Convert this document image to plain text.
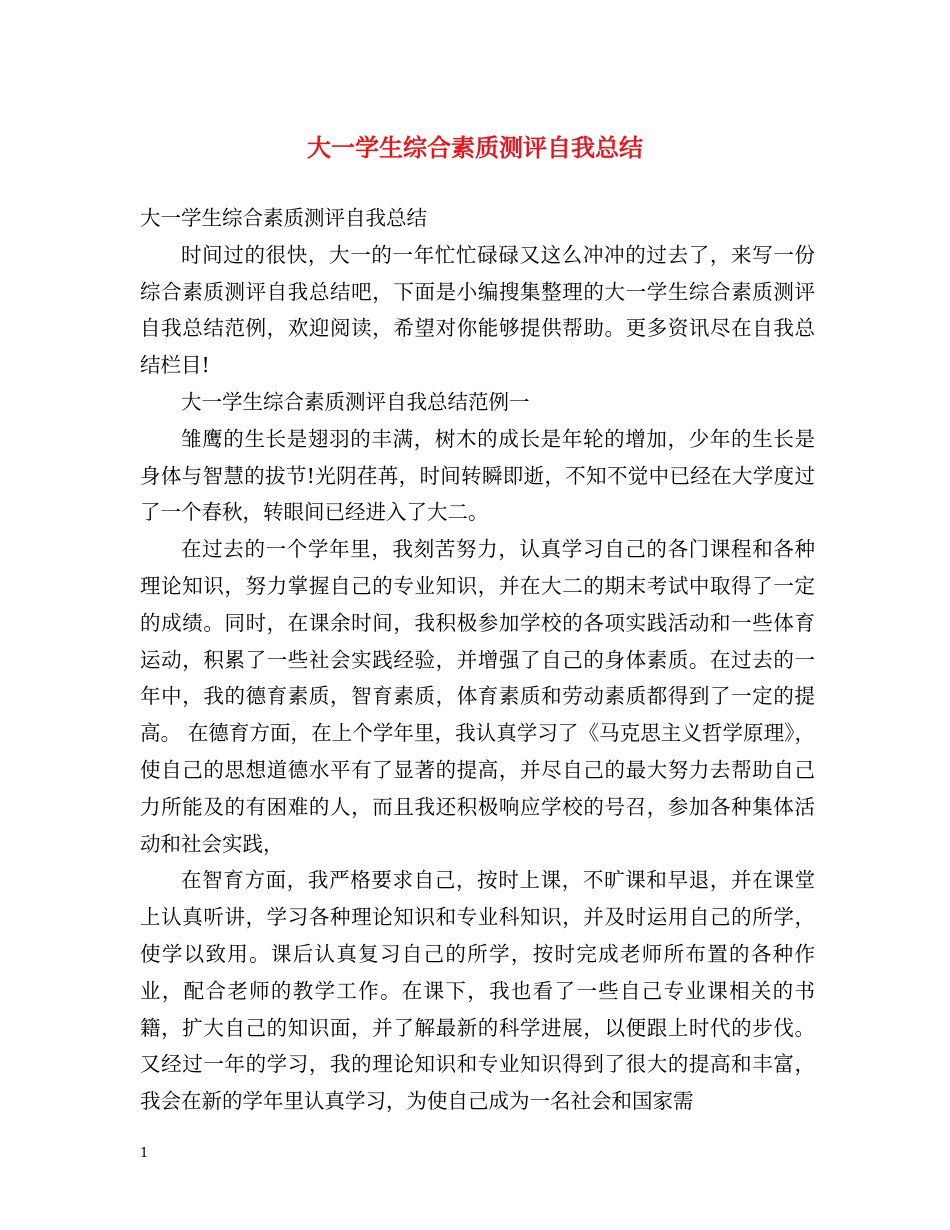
大一学生综合素质测评自我总结

大一学生综合素质测评自我总结

时间过的很快，大一的一年忙忙碌碌又这么冲冲的过去了，来写一份综合素质测评自我总结吧，下面是小编搜集整理的大一学生综合素质测评自我总结范例，欢迎阅读，希望对你能够提供帮助。更多资讯尽在自我总结栏目!

大一学生综合素质测评自我总结范例一

雏鹰的生长是翅羽的丰满，树木的成长是年轮的增加，少年的生长是身体与智慧的拔节!光阴荏苒，时间转瞬即逝，不知不觉中已经在大学度过了一个春秋，转眼间已经进入了大二。

在过去的一个学年里，我刻苦努力，认真学习自己的各门课程和各种理论知识，努力掌握自己的专业知识，并在大二的期末考试中取得了一定的成绩。同时，在课余时间，我积极参加学校的各项实践活动和一些体育运动，积累了一些社会实践经验，并增强了自己的身体素质。在过去的一年中，我的德育素质，智育素质，体育素质和劳动素质都得到了一定的提高。 在德育方面，在上个学年里，我认真学习了《马克思主义哲学原理》，使自己的思想道德水平有了显著的提高，并尽自己的最大努力去帮助自己力所能及的有困难的人，而且我还积极响应学校的号召，参加各种集体活动和社会实践，

在智育方面，我严格要求自己，按时上课，不旷课和早退，并在课堂上认真听讲，学习各种理论知识和专业科知识，并及时运用自己的所学，使学以致用。课后认真复习自己的所学，按时完成老师所布置的各种作业，配合老师的教学工作。在课下，我也看了一些自己专业课相关的书籍，扩大自己的知识面，并了解最新的科学进展，以便跟上时代的步伐。又经过一年的学习，我的理论知识和专业知识得到了很大的提高和丰富，我会在新的学年里认真学习，为使自己成为一名社会和国家需

1
